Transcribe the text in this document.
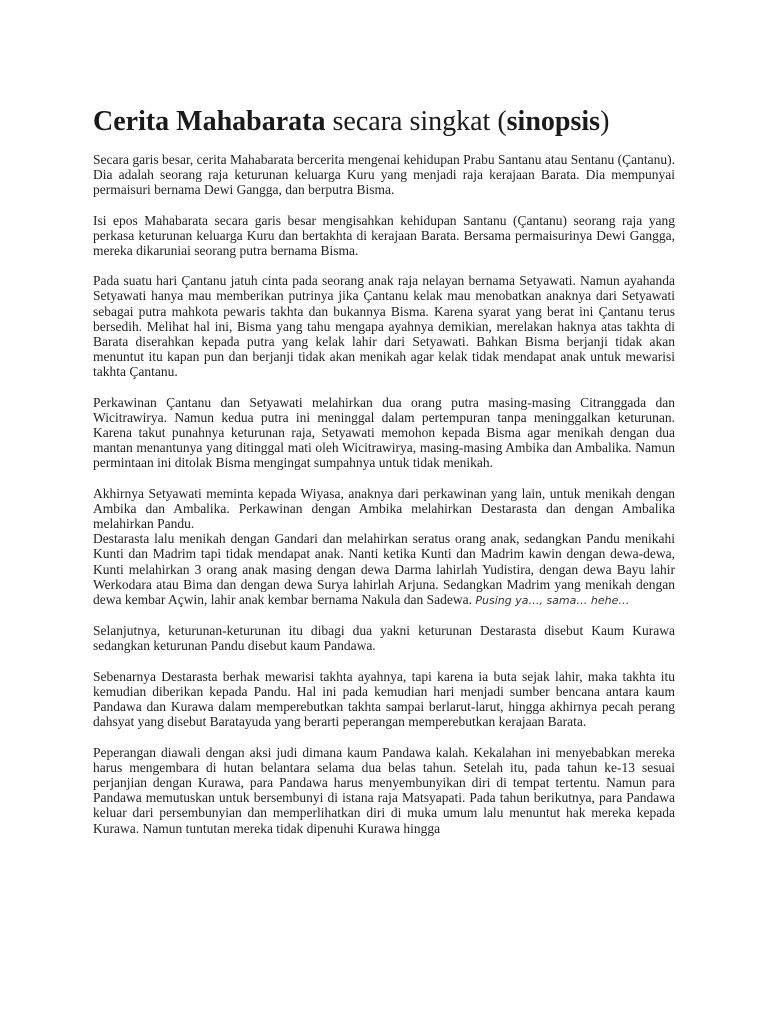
Cerita Mahabarata secara singkat (sinopsis)

Secara garis besar, cerita Mahabarata bercerita mengenai kehidupan Prabu Santanu atau Sentanu (Çantanu). Dia adalah seorang raja keturunan keluarga Kuru yang menjadi raja kerajaan Barata. Dia mempunyai permaisuri bernama Dewi Gangga, dan berputra Bisma.

Isi epos Mahabarata secara garis besar mengisahkan kehidupan Santanu (Çantanu) seorang raja yang perkasa keturunan keluarga Kuru dan bertakhta di kerajaan Barata. Bersama permaisurinya Dewi Gangga, mereka dikaruniai seorang putra bernama Bisma.

Pada suatu hari Çantanu jatuh cinta pada seorang anak raja nelayan bernama Setyawati. Namun ayahanda Setyawati hanya mau memberikan putrinya jika Çantanu kelak mau menobatkan anaknya dari Setyawati sebagai putra mahkota pewaris takhta dan bukannya Bisma. Karena syarat yang berat ini Çantanu terus bersedih. Melihat hal ini, Bisma yang tahu mengapa ayahnya demikian, merelakan haknya atas takhta di Barata diserahkan kepada putra yang kelak lahir dari Setyawati. Bahkan Bisma berjanji tidak akan menuntut itu kapan pun dan berjanji tidak akan menikah agar kelak tidak mendapat anak untuk mewarisi takhta Çantanu.

Perkawinan Çantanu dan Setyawati melahirkan dua orang putra masing-masing Citranggada dan Wicitrawirya. Namun kedua putra ini meninggal dalam pertempuran tanpa meninggalkan keturunan. Karena takut punahnya keturunan raja, Setyawati memohon kepada Bisma agar menikah dengan dua mantan menantunya yang ditinggal mati oleh Wicitrawirya, masing-masing Ambika dan Ambalika. Namun permintaan ini ditolak Bisma mengingat sumpahnya untuk tidak menikah.

Akhirnya Setyawati meminta kepada Wiyasa, anaknya dari perkawinan yang lain, untuk menikah dengan Ambika dan Ambalika. Perkawinan dengan Ambika melahirkan Destarasta dan dengan Ambalika melahirkan Pandu.

Destarasta lalu menikah dengan Gandari dan melahirkan seratus orang anak, sedangkan Pandu menikahi Kunti dan Madrim tapi tidak mendapat anak. Nanti ketika Kunti dan Madrim kawin dengan dewa-dewa, Kunti melahirkan 3 orang anak masing dengan dewa Darma lahirlah Yudistira, dengan dewa Bayu lahir Werkodara atau Bima dan dengan dewa Surya lahirlah Arjuna. Sedangkan Madrim yang menikah dengan dewa kembar Açwin, lahir anak kembar bernama Nakula dan Sadewa. Pusing ya…, sama… hehe…

Selanjutnya, keturunan-keturunan itu dibagi dua yakni keturunan Destarasta disebut Kaum Kurawa sedangkan keturunan Pandu disebut kaum Pandawa.

Sebenarnya Destarasta berhak mewarisi takhta ayahnya, tapi karena ia buta sejak lahir, maka takhta itu kemudian diberikan kepada Pandu. Hal ini pada kemudian hari menjadi sumber bencana antara kaum Pandawa dan Kurawa dalam memperebutkan takhta sampai berlarut-larut, hingga akhirnya pecah perang dahsyat yang disebut Baratayuda yang berarti peperangan memperebutkan kerajaan Barata.

Peperangan diawali dengan aksi judi dimana kaum Pandawa kalah. Kekalahan ini menyebabkan mereka harus mengembara di hutan belantara selama dua belas tahun. Setelah itu, pada tahun ke-13 sesuai perjanjian dengan Kurawa, para Pandawa harus menyembunyikan diri di tempat tertentu. Namun para Pandawa memutuskan untuk bersembunyi di istana raja Matsyapati. Pada tahun berikutnya, para Pandawa keluar dari persembunyian dan memperlihatkan diri di muka umum lalu menuntut hak mereka kepada Kurawa. Namun tuntutan mereka tidak dipenuhi Kurawa hingga
